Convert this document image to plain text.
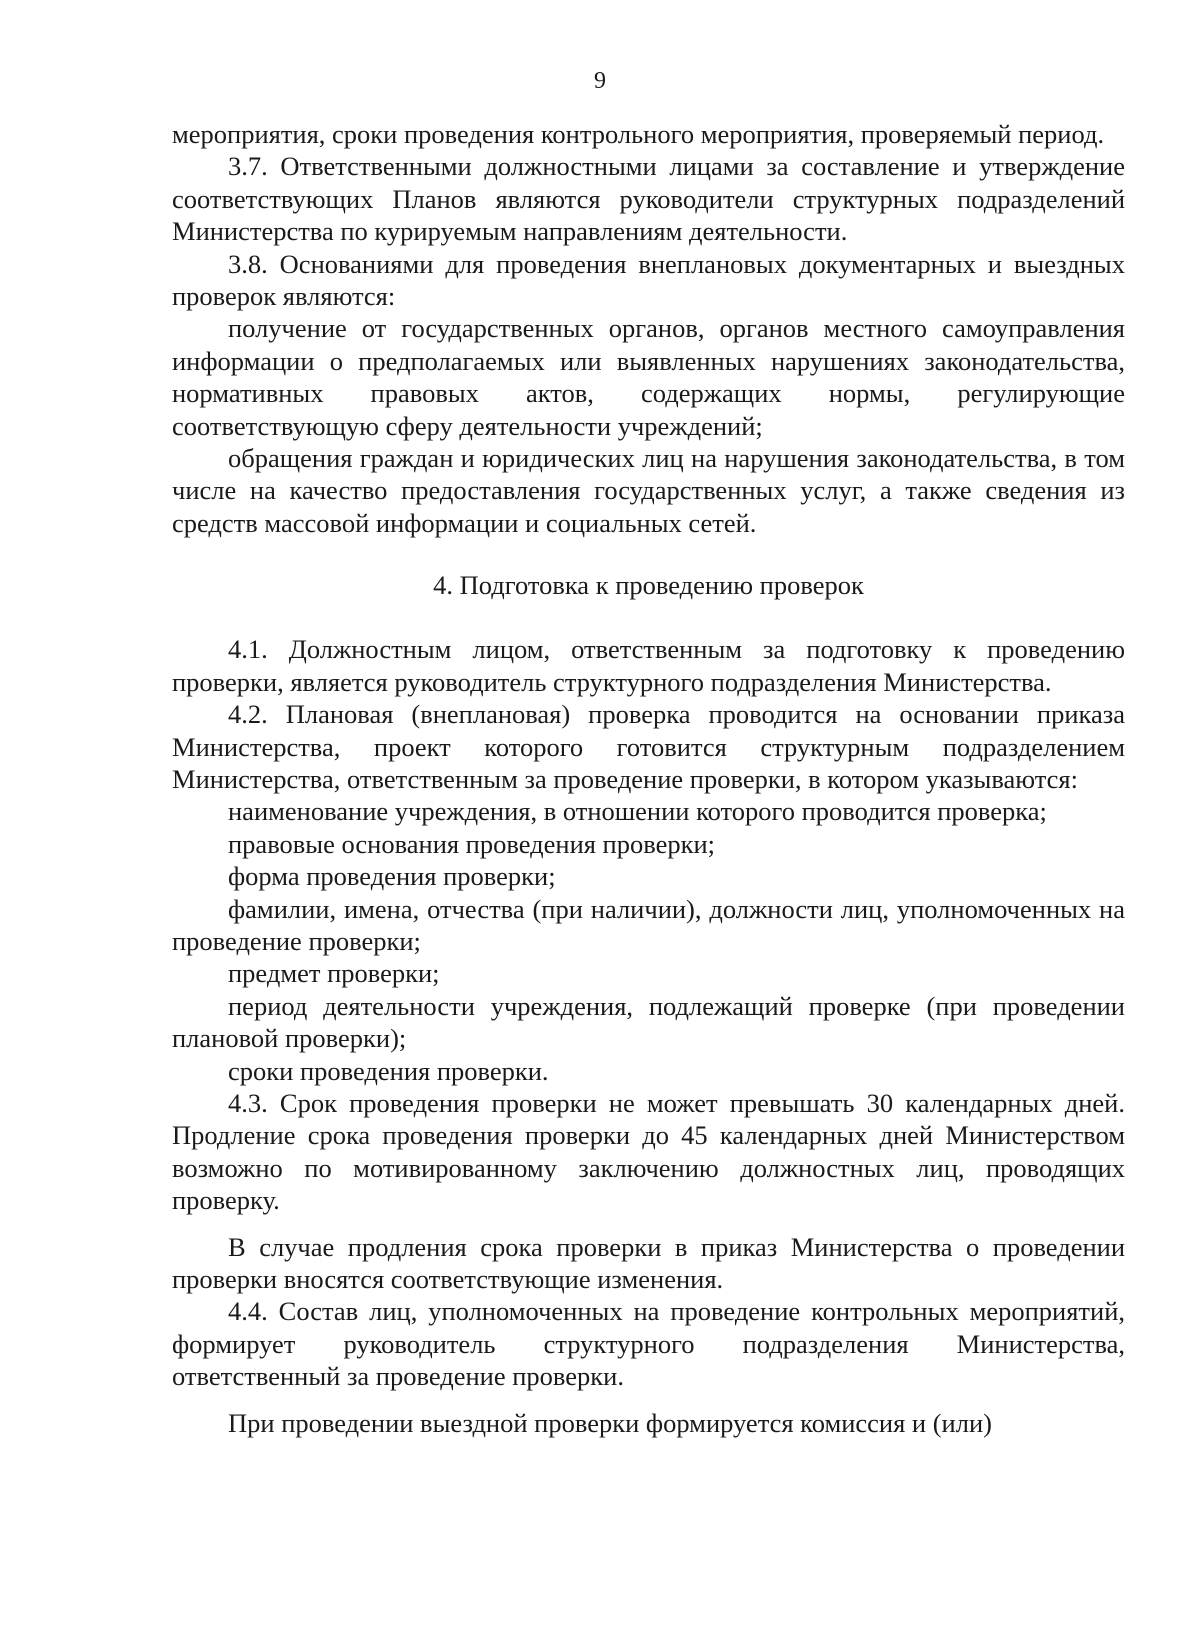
9

мероприятия, сроки проведения контрольного мероприятия, проверяемый период.

3.7. Ответственными должностными лицами за составление и утверждение соответствующих Планов являются руководители структурных подразделений Министерства по курируемым направлениям деятельности.

3.8. Основаниями для проведения внеплановых документарных и выездных проверок являются:

получение от государственных органов, органов местного самоуправления информации о предполагаемых или выявленных нарушениях законодательства, нормативных правовых актов, содержащих нормы, регулирующие соответствующую сферу деятельности учреждений;

обращения граждан и юридических лиц на нарушения законодательства, в том числе на качество предоставления государственных услуг, а также сведения из средств массовой информации и социальных сетей.

4. Подготовка к проведению проверок

4.1. Должностным лицом, ответственным за подготовку к проведению проверки, является руководитель структурного подразделения Министерства.

4.2. Плановая (внеплановая) проверка проводится на основании приказа Министерства, проект которого готовится структурным подразделением Министерства, ответственным за проведение проверки, в котором указываются:

наименование учреждения, в отношении которого проводится проверка;

правовые основания проведения проверки;

форма проведения проверки;

фамилии, имена, отчества (при наличии), должности лиц, уполномоченных на проведение проверки;

предмет проверки;

период деятельности учреждения, подлежащий проверке (при проведении плановой проверки);

сроки проведения проверки.

4.3. Срок проведения проверки не может превышать 30 календарных дней. Продление срока проведения проверки до 45 календарных дней Министерством возможно по мотивированному заключению должностных лиц, проводящих проверку.

В случае продления срока проверки в приказ Министерства о проведении проверки вносятся соответствующие изменения.

4.4. Состав лиц, уполномоченных на проведение контрольных мероприятий, формирует руководитель структурного подразделения Министерства, ответственный за проведение проверки.

При проведении выездной проверки формируется комиссия и (или)
